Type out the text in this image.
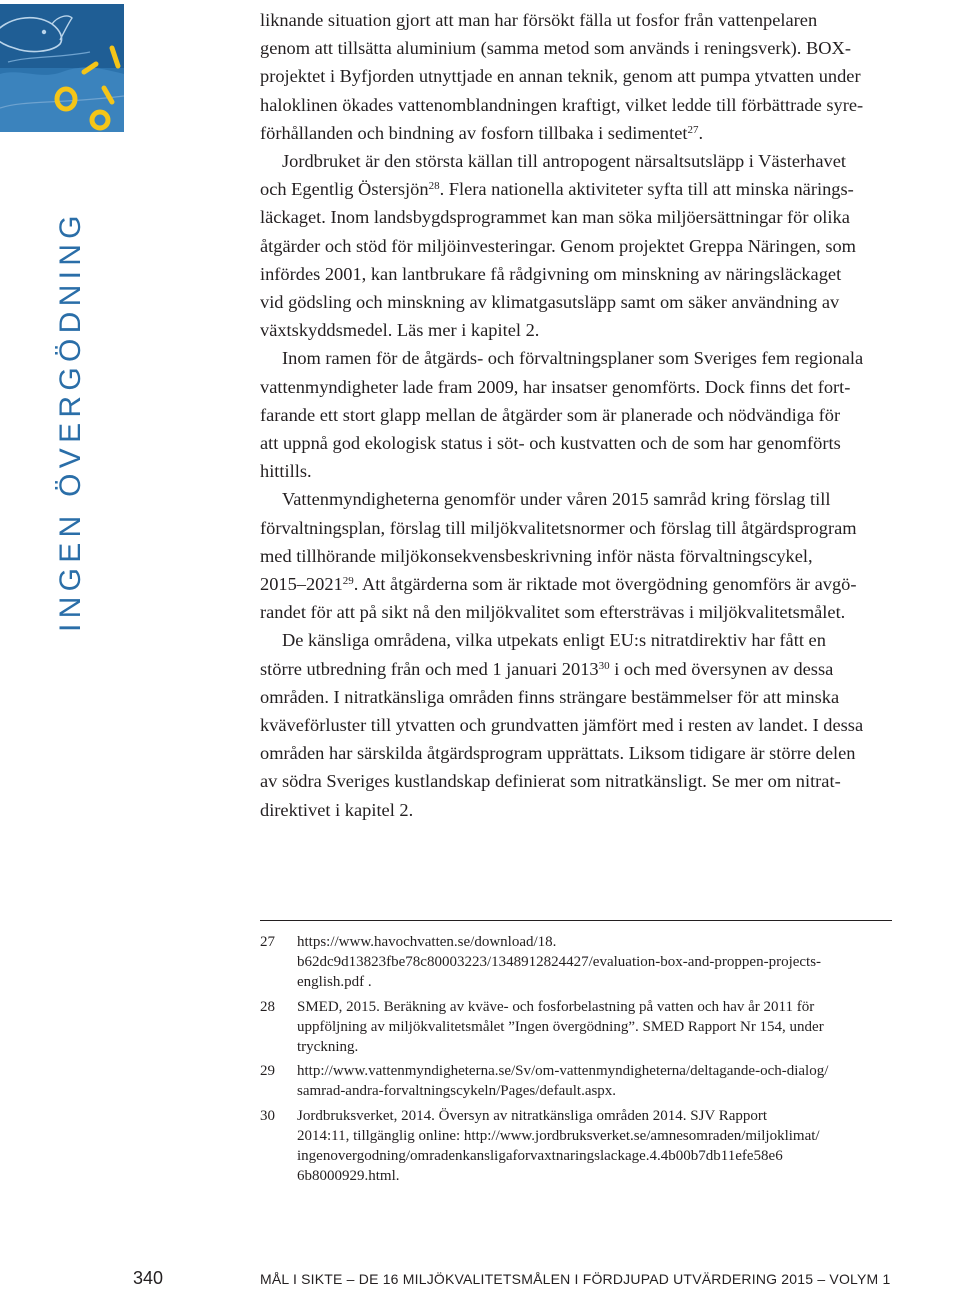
INGEN ÖVERGÖDNING

liknande situation gjort att man har försökt fälla ut fosfor från vattenpelaren

genom att tillsätta aluminium (samma metod som används i reningsverk). BOX-

projektet i Byfjorden utnyttjade en annan teknik, genom att pumpa ytvatten under

haloklinen ökades vattenomblandningen kraftigt, vilket ledde till förbättrade syre-

förhållanden och bindning av fosforn tillbaka i sedimentet$^{27}$.

Jordbruket är den största källan till antropogent närsaltsutsläpp i Västerhavet

och Egentlig Östersjön$^{28}$. Flera nationella aktiviteter syfta till att minska närings-

läckaget. Inom landsbygdsprogrammet kan man söka miljöersättningar för olika

åtgärder och stöd för miljöinvesteringar. Genom projektet Greppa Näringen, som

infördes 2001, kan lantbrukare få rådgivning om minskning av näringsläckaget

vid gödsling och minskning av klimatgasutsläpp samt om säker användning av

växtskyddsmedel. Läs mer i kapitel 2.

Inom ramen för de åtgärds- och förvaltningsplaner som Sveriges fem regionala

vattenmyndigheter lade fram 2009, har insatser genomförts. Dock finns det fort-

farande ett stort glapp mellan de åtgärder som är planerade och nödvändiga för

att uppnå god ekologisk status i söt- och kustvatten och de som har genomförts

hittills.

Vattenmyndigheterna genomför under våren 2015 samråd kring förslag till

förvaltningsplan, förslag till miljökvalitetsnormer och förslag till åtgärdsprogram

med tillhörande miljökonsekvensbeskrivning inför nästa förvaltningscykel,

2015–2021$^{29}$. Att åtgärderna som är riktade mot övergödning genomförs är avgö-

randet för att på sikt nå den miljökvalitet som eftersträvas i miljökvalitetsmålet.

De känsliga områdena, vilka utpekats enligt EU:s nitratdirektiv har fått en

större utbredning från och med 1 januari 2013$^{30}$ i och med översynen av dessa

områden. I nitratkänsliga områden finns strängare bestämmelser för att minska

kväveförluster till ytvatten och grundvatten jämfört med i resten av landet. I dessa

områden har särskilda åtgärdsprogram upprättats. Liksom tidigare är större delen

av södra Sveriges kustlandskap definierat som nitratkänsligt. Se mer om nitrat-

direktivet i kapitel 2.

27	https://www.havochvatten.se/download/18.
b62dc9d13823fbe78c80003223/1348912824427/evaluation-box-and-proppen-projects-
english.pdf .
28	SMED, 2015. Beräkning av kväve- och fosforbelastning på vatten och hav år 2011 för
uppföljning av miljökvalitetsmålet ”Ingen övergödning”. SMED Rapport Nr 154, under
tryckning.
29	http://www.vattenmyndigheterna.se/Sv/om-vattenmyndigheterna/deltagande-och-dialog/
samrad-andra-forvaltningscykeln/Pages/default.aspx.
30	Jordbruksverket, 2014. Översyn av nitratkänsliga områden 2014. SJV Rapport
2014:11, tillgänglig online: http://www.jordbruksverket.se/amnesomraden/miljoklimat/
ingenovergodning/omradenkansligaforvaxtnaringslackage.4.4b00b7db11efe58e6
6b8000929.html.
340	MÅL I SIKTE – DE 16 MILJÖKVALITETSMÅLEN I FÖRDJUPAD UTVÄRDERING 2015 – VOLYM 1
